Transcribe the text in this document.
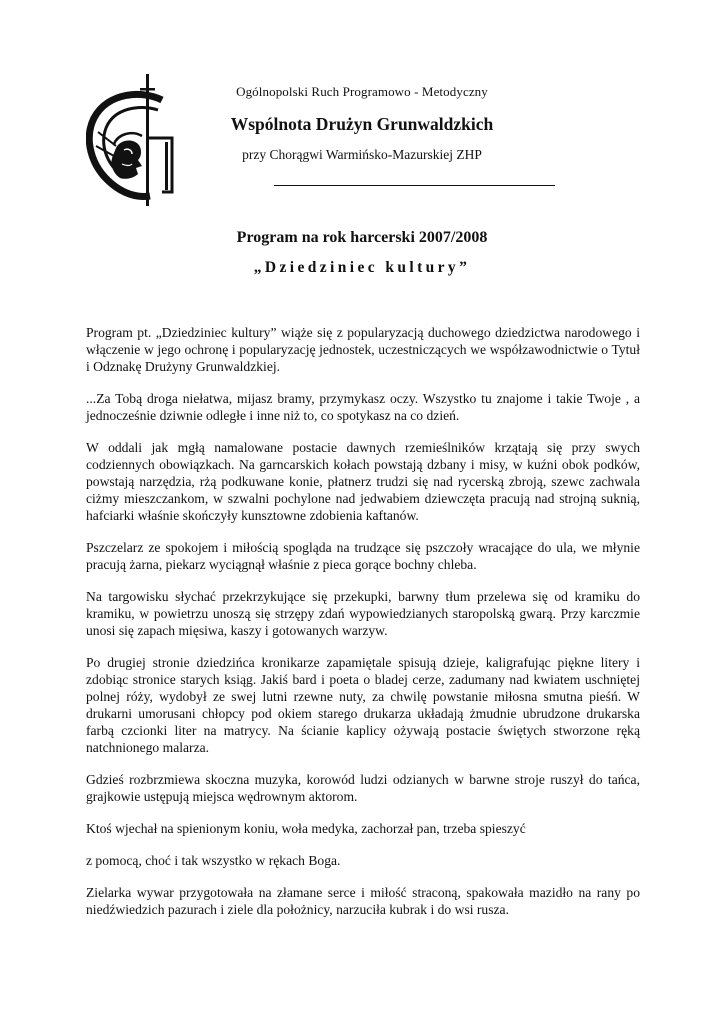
Ogólnopolski Ruch Programowo - Metodyczny
Wspólnota Drużyn Grunwaldzkich
przy Chorągwi Warmińsko-Mazurskiej ZHP
Program na rok harcerski 2007/2008
„Dziedziniec kultury”

Program pt. „Dziedziniec kultury” wiąże się z popularyzacją duchowego dziedzictwa narodowego i włączenie w jego ochronę i popularyzację jednostek, uczestniczących we współzawodnictwie o Tytuł i Odznakę Drużyny Grunwaldzkiej.

...Za Tobą droga niełatwa, mijasz bramy, przymykasz oczy. Wszystko tu znajome i takie Twoje , a jednocześnie dziwnie odległe i inne niż to, co spotykasz na co dzień.

W oddali jak mgłą namalowane postacie dawnych rzemieślników krzątają się przy swych codziennych obowiązkach. Na garncarskich kołach powstają dzbany i misy, w kuźni obok podków, powstają narzędzia, rżą podkuwane konie, płatnerz trudzi się nad rycerską zbroją, szewc zachwala ciżmy mieszczankom, w szwalni pochylone nad jedwabiem dziewczęta pracują nad strojną suknią, hafciarki właśnie skończyły kunsztowne zdobienia kaftanów.

Pszczelarz ze spokojem i miłością spogląda na trudzące się pszczoły wracające do ula, we młynie pracują żarna, piekarz wyciągnął właśnie z pieca gorące bochny chleba.

Na targowisku słychać przekrzykujące się przekupki, barwny tłum przelewa się od kramiku do kramiku, w powietrzu unoszą się strzępy zdań wypowiedzianych staropolską gwarą. Przy karczmie unosi się zapach mięsiwa, kaszy i gotowanych warzyw.

Po drugiej stronie dziedzińca kronikarze zapamiętale spisują dzieje, kaligrafując piękne litery i zdobiąc stronice starych ksiąg. Jakiś bard i poeta o bladej cerze, zadumany nad kwiatem uschniętej polnej róży, wydobył ze swej lutni rzewne nuty, za chwilę powstanie miłosna smutna pieśń. W drukarni umorusani chłopcy pod okiem starego drukarza układają żmudnie ubrudzone drukarska farbą czcionki liter na matrycy. Na ścianie kaplicy ożywają postacie świętych stworzone ręką natchnionego malarza.

Gdzieś rozbrzmiewa skoczna muzyka, korowód ludzi odzianych w barwne stroje ruszył do tańca, grajkowie ustępują miejsca wędrownym aktorom.

Ktoś wjechał na spienionym koniu, woła medyka, zachorzał pan, trzeba spieszyć

z pomocą, choć i tak wszystko w rękach Boga.

Zielarka wywar przygotowała na złamane serce i miłość straconą, spakowała mazidło na rany po niedźwiedzich pazurach i ziele dla położnicy, narzuciła kubrak i do wsi rusza.
